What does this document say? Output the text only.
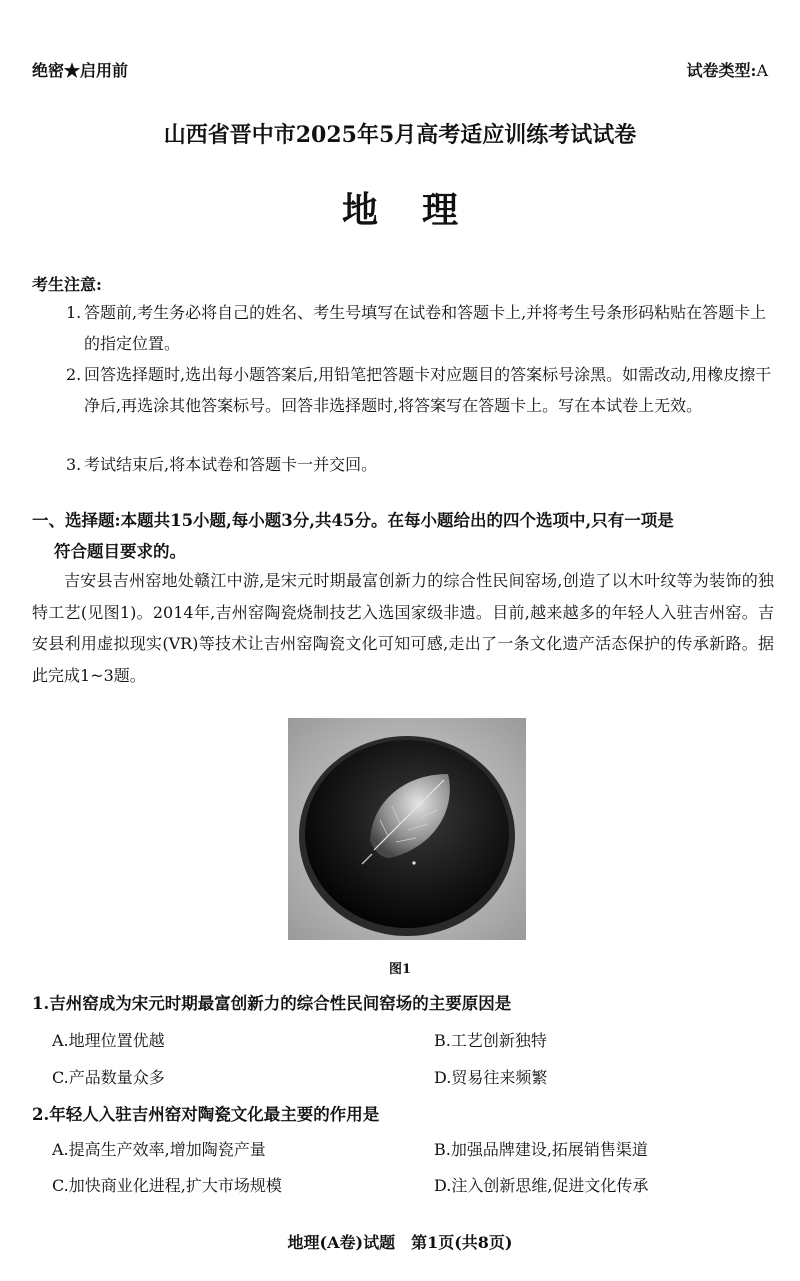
绝密★启用前	试卷类型:A
山西省晋中市2025年5月高考适应训练考试试卷
地理
考生注意:
1. 答题前,考生务必将自己的姓名、考生号填写在试卷和答题卡上,并将考生号条形码粘贴在答题卡上的指定位置。
2. 回答选择题时,选出每小题答案后,用铅笔把答题卡对应题目的答案标号涂黑。如需改动,用橡皮擦干净后,再选涂其他答案标号。回答非选择题时,将答案写在答题卡上。写在本试卷上无效。
3. 考试结束后,将本试卷和答题卡一并交回。
一、选择题:本题共15小题,每小题3分,共45分。在每小题给出的四个选项中,只有一项是
符合题目要求的。
吉安县吉州窑地处赣江中游,是宋元时期最富创新力的综合性民间窑场,创造了以木叶纹等为装饰的独特工艺(见图1)。2014年,吉州窑陶瓷烧制技艺入选国家级非遗。目前,越来越多的年轻人入驻吉州窑。吉安县利用虚拟现实(VR)等技术让吉州窑陶瓷文化可知可感,走出了一条文化遗产活态保护的传承新路。据此完成1~3题。
图1
1.吉州窑成为宋元时期最富创新力的综合性民间窑场的主要原因是
A.地理位置优越	B.工艺创新独特
C.产品数量众多	D.贸易往来频繁
2.年轻人入驻吉州窑对陶瓷文化最主要的作用是
A.提高生产效率,增加陶瓷产量	B.加强品牌建设,拓展销售渠道
C.加快商业化进程,扩大市场规模	D.注入创新思维,促进文化传承
地理(A卷)试题　第1页(共8页)
